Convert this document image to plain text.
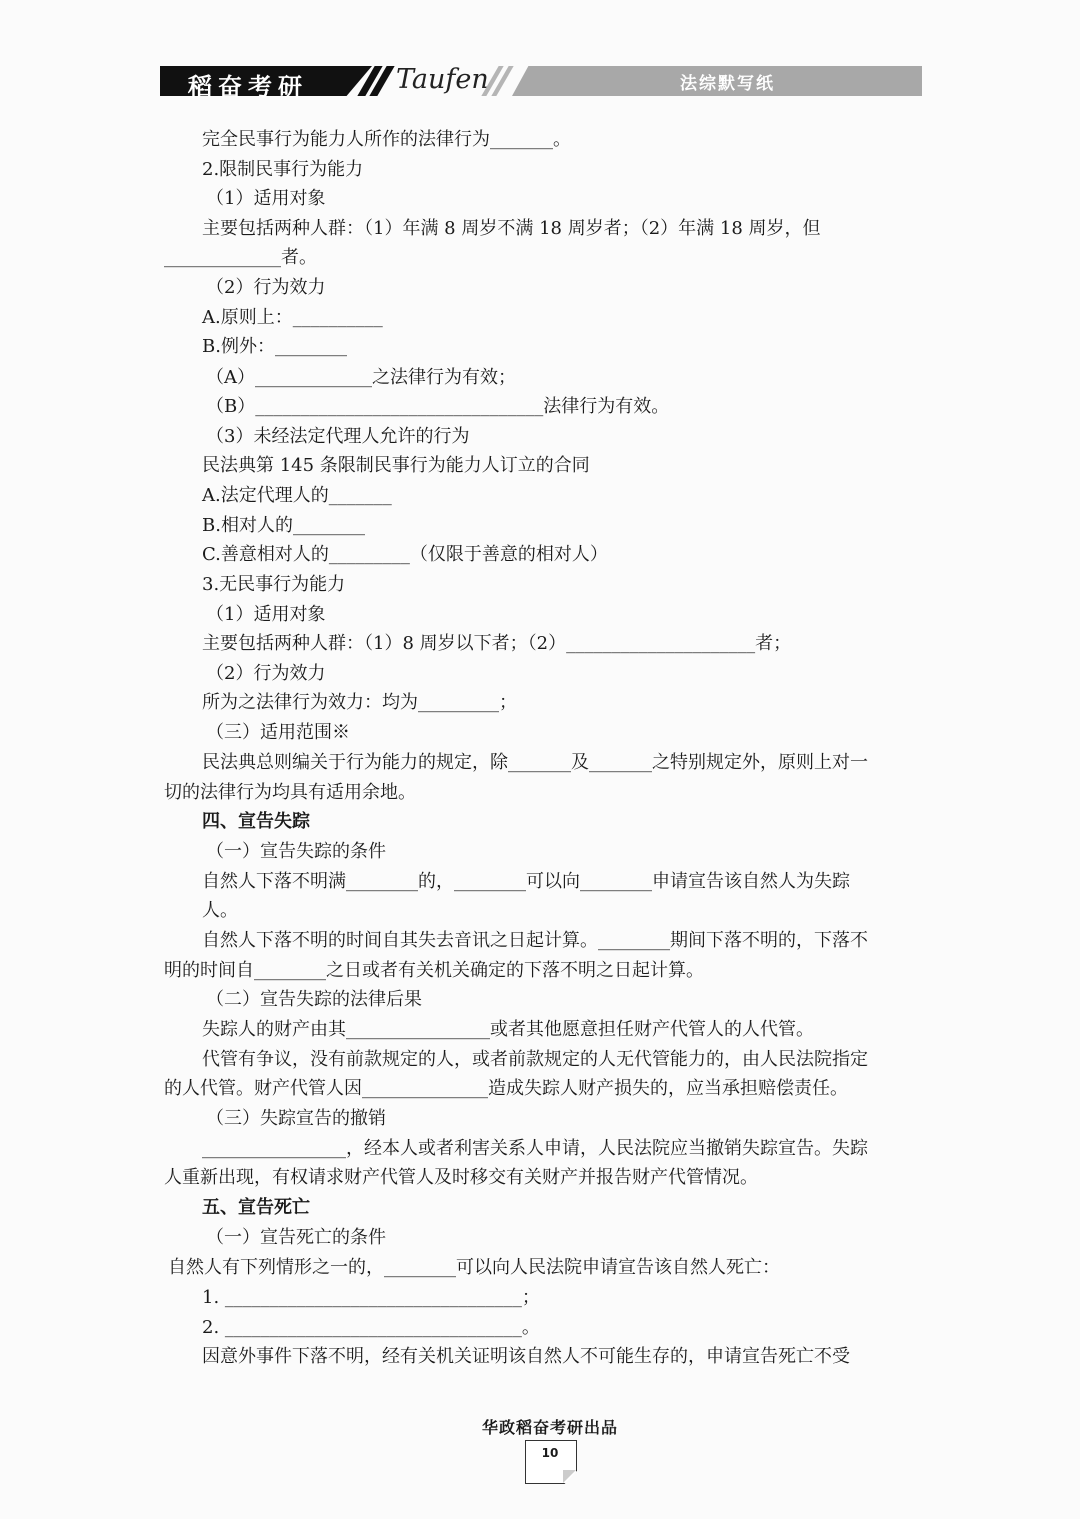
稻奋考研	Taufen	法综默写纸
完全民事行为能力人所作的法律行为_______。
2.限制民事行为能力
（1）适用对象
主要包括两种人群：（1）年满 8 周岁不满 18 周岁者；（2）年满 18 周岁，但
_____________者。
（2）行为效力
A.原则上：__________
B.例外：________
（A）_____________之法律行为有效；
（B）________________________________法律行为有效。
（3）未经法定代理人允许的行为
民法典第 145 条限制民事行为能力人订立的合同
A.法定代理人的_______
B.相对人的________
C.善意相对人的_________（仅限于善意的相对人）
3.无民事行为能力
（1）适用对象
主要包括两种人群：（1）8 周岁以下者；（2）_____________________者；
（2）行为效力
所为之法律行为效力：均为_________；
（三）适用范围※
民法典总则编关于行为能力的规定，除_______及_______之特别规定外，原则上对一
切的法律行为均具有适用余地。
四、宣告失踪
（一）宣告失踪的条件
自然人下落不明满________的，________可以向________申请宣告该自然人为失踪
人。
自然人下落不明的时间自其失去音讯之日起计算。________期间下落不明的，下落不
明的时间自________之日或者有关机关确定的下落不明之日起计算。
（二）宣告失踪的法律后果
失踪人的财产由其________________或者其他愿意担任财产代管人的人代管。
代管有争议，没有前款规定的人，或者前款规定的人无代管能力的，由人民法院指定
的人代管。财产代管人因______________造成失踪人财产损失的，应当承担赔偿责任。
（三）失踪宣告的撤销
________________，经本人或者利害关系人申请，人民法院应当撤销失踪宣告。失踪
人重新出现，有权请求财产代管人及时移交有关财产并报告财产代管情况。
五、宣告死亡
（一）宣告死亡的条件
自然人有下列情形之一的，________可以向人民法院申请宣告该自然人死亡：
1. _________________________________；
2. _________________________________。
因意外事件下落不明，经有关机关证明该自然人不可能生存的，申请宣告死亡不受
华政稻奋考研出品
10
